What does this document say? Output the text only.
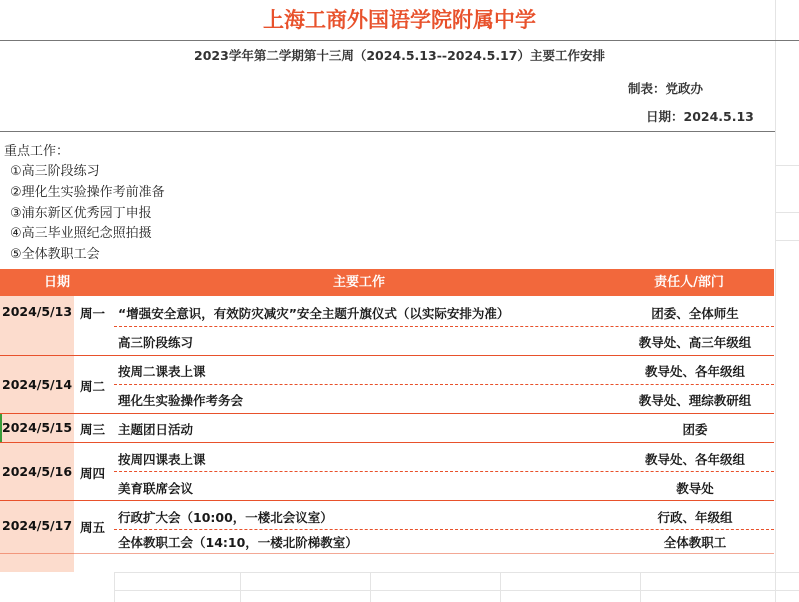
上海工商外国语学院附属中学
2023学年第二学期第十三周（2024.5.13--2024.5.17）主要工作安排
制表：党政办
日期：2024.5.13
重点工作：
①高三阶段练习
②理化生实验操作考前准备
③浦东新区优秀园丁申报
④高三毕业照纪念照拍摄
⑤全体教职工会
日期	主要工作	责任人/部门
2024/5/13 周一 “增强安全意识，有效防灾减灾”安全主题升旗仪式（以实际安排为准）	团委、全体师生
高三阶段练习	教导处、高三年级组
2024/5/14 周二
按周二课表上课	教导处、各年级组
理化生实验操作考务会	教导处、理综教研组
2024/5/15 周三 主题团日活动	团委
2024/5/16 周四
按周四课表上课	教导处、各年级组
美育联席会议	教导处
2024/5/17 周五
行政扩大会（10:00，一楼北会议室）	行政、年级组
全体教职工会（14:10，一楼北阶梯教室）	全体教职工
